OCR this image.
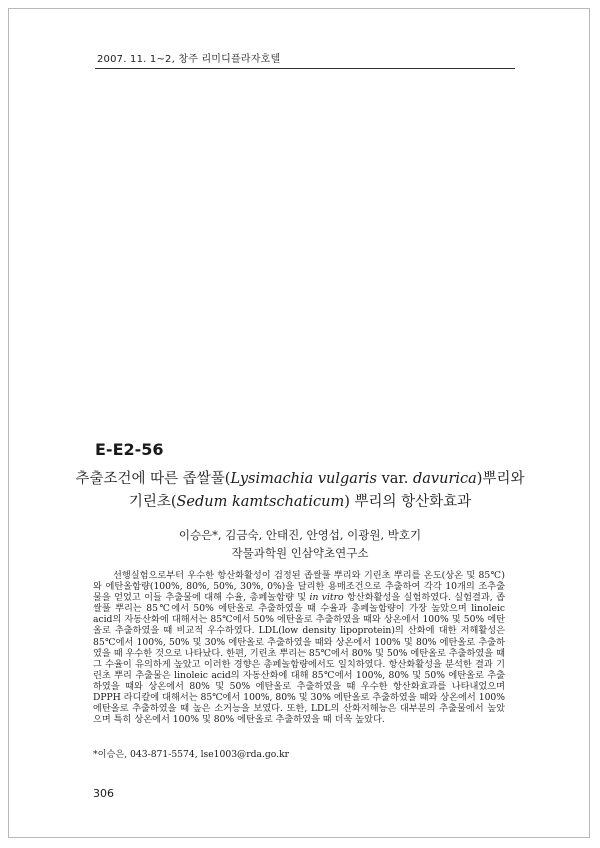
2007. 11. 1~2, 창주 리미디플라자호텔
E-E2-56
추출조건에 따른 좁쌀풀(Lysimachia vulgaris var. davurica)뿌리와
기린초(Sedum kamtschaticum) 뿌리의 항산화효과
이승은*, 김금숙, 안태진, 안영섭, 이광원, 박호기
작물과학원 인삼약초연구소
선행실험으로부터 우수한 항산화활성이 검정된 좁쌀풀 뿌리와 기린초 뿌리를 온도(상온 및 85℃)와 에탄올함량(100%, 80%, 50%, 30%, 0%)을 달리한 용매조건으로 추출하여 각각 10개의 조추출물을 얻었고 이들 추출물에 대해 수율, 총페놀함량 및 in vitro 항산화활성을 실험하였다. 실험결과, 좁쌀풀 뿌리는 85℃에서 50% 에탄올로 추출하였을 때 수율과 총페놀함량이 가장 높았으며 linoleic acid의 자동산화에 대해서는 85℃에서 50% 에탄올로 추출하였을 때와 상온에서 100% 및 50% 에탄올로 추출하였을 때 비교적 우수하였다. LDL(low density lipoprotein)의 산화에 대한 저해활성은 85℃에서 100%, 50% 및 30% 에탄올로 추출하였을 때와 상온에서 100% 및 80% 에탄올로 추출하였을 때 우수한 것으로 나타났다. 한편, 기린초 뿌리는 85℃에서 80% 및 50% 에탄올로 추출하였을 때 그 수율이 유의하게 높았고 이러한 경향은 총페놀함량에서도 일치하였다. 항산화활성을 분석한 결과 기린초 뿌리 추출물은 linoleic acid의 자동산화에 대해 85℃에서 100%, 80% 및 50% 에탄올로 추출하였을 때와 상온에서 80% 및 50% 에탄올로 추출하였을 때 우수한 항산화효과를 나타내었으며 DPPH 라디칼에 대해서는 85℃에서 100%, 80% 및 30% 에탄올로 추출하였을 때와 상온에서 100% 에탄올로 추출하였을 때 높은 소거능을 보였다. 또한, LDL의 산화저해능은 대부분의 추출물에서 높았으며 특히 상온에서 100% 및 80% 에탄올로 추출하였을 때 더욱 높았다.
*이승은, 043-871-5574, lse1003@rda.go.kr
306
